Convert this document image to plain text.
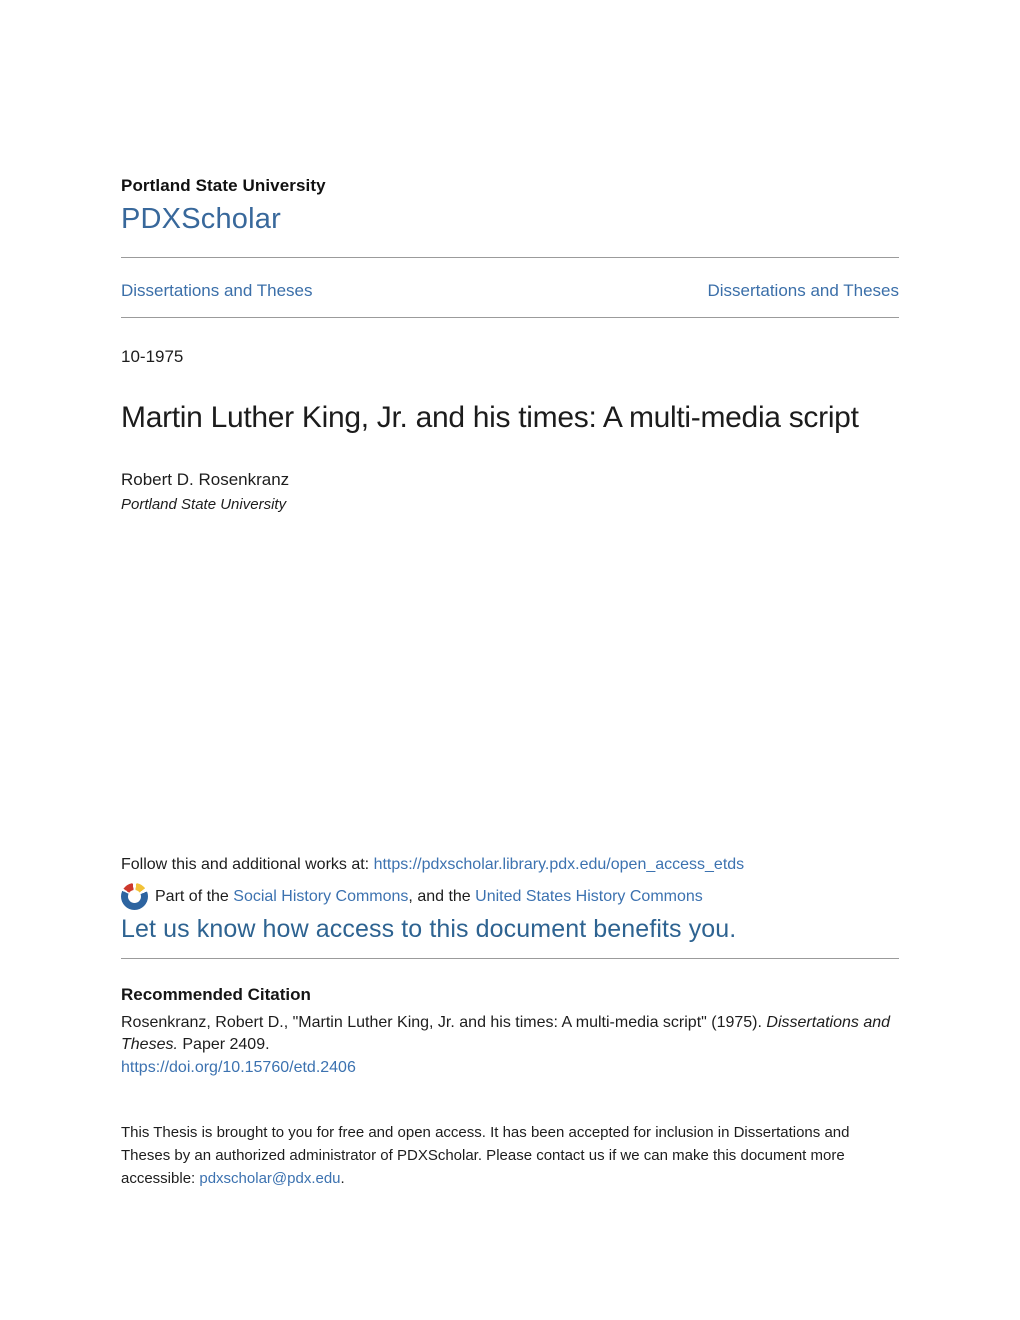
Portland State University
PDXScholar
Dissertations and Theses	Dissertations and Theses
10-1975
Martin Luther King, Jr. and his times: A multi-media script
Robert D. Rosenkranz
Portland State University
Follow this and additional works at: https://pdxscholar.library.pdx.edu/open_access_etds
Part of the Social History Commons, and the United States History Commons
Let us know how access to this document benefits you.
Recommended Citation

Rosenkranz, Robert D., "Martin Luther King, Jr. and his times: A multi-media script" (1975). Dissertations and Theses. Paper 2409.

https://doi.org/10.15760/etd.2406

This Thesis is brought to you for free and open access. It has been accepted for inclusion in Dissertations and Theses by an authorized administrator of PDXScholar. Please contact us if we can make this document more accessible: pdxscholar@pdx.edu.
